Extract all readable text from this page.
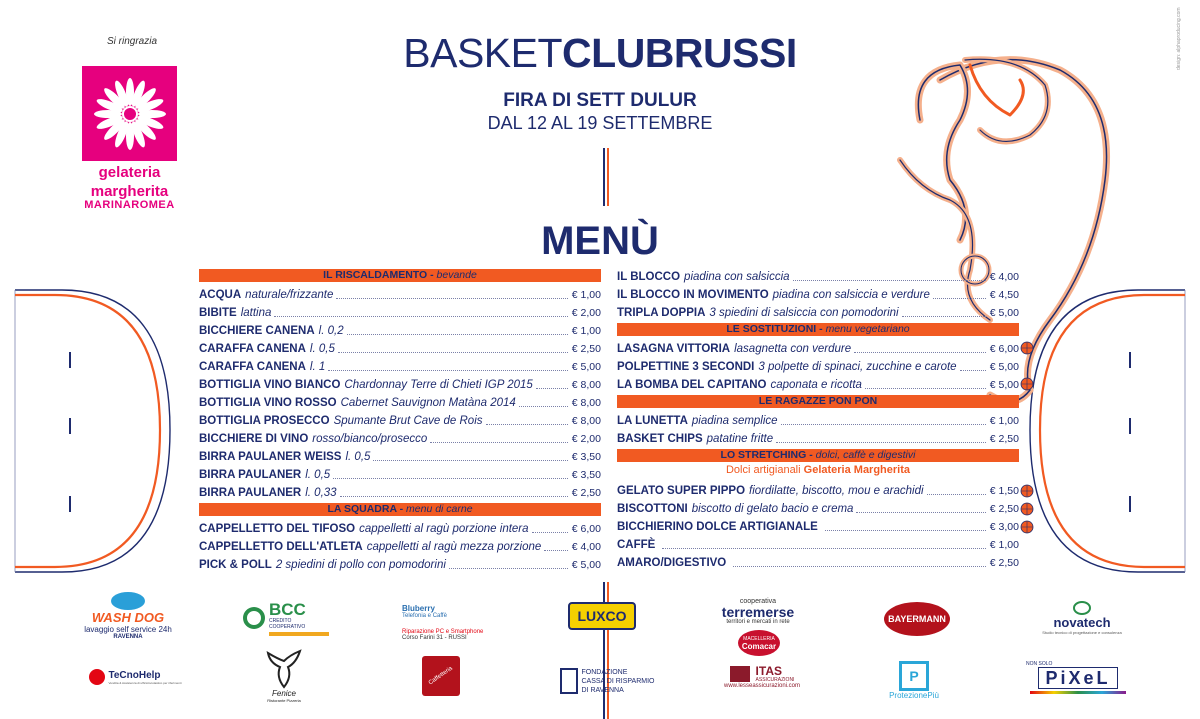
Si ringrazia
gelateria
margherita
MARINAROMEA
BASKETCLUBRUSSI
FIRA DI SETT DULUR
DAL 12 AL 19 SETTEMBRE
MENÙ
design: alphaproducing.com
IL RISCALDAMENTO - bevande
ACQUA naturale/frizzante	€ 1,00
BIBITE lattina	€ 2,00
BICCHIERE CANENA l. 0,2	€ 1,00
CARAFFA CANENA l. 0,5	€ 2,50
CARAFFA CANENA l. 1	€ 5,00
BOTTIGLIA VINO BIANCO Chardonnay Terre di Chieti IGP 2015	€ 8,00
BOTTIGLIA VINO ROSSO Cabernet Sauvignon Matàna 2014	€ 8,00
BOTTIGLIA PROSECCO Spumante Brut Cave de Rois	€ 8,00
BICCHIERE DI VINO rosso/bianco/prosecco	€ 2,00
BIRRA PAULANER WEISS l. 0,5	€ 3,50
BIRRA PAULANER l. 0,5	€ 3,50
BIRRA PAULANER l. 0,33	€ 2,50
LA SQUADRA - menu di carne
CAPPELLETTO DEL TIFOSO cappelletti al ragù porzione intera	€ 6,00
CAPPELLETTO DELL'ATLETA cappelletti al ragù mezza porzione	€ 4,00
PICK & POLL 2 spiedini di pollo con pomodorini	€ 5,00
IL BLOCCO piadina con salsiccia	€ 4,00
IL BLOCCO IN MOVIMENTO piadina con salsiccia e verdure	€ 4,50
TRIPLA DOPPIA 3 spiedini di salsiccia con pomodorini	€ 5,00
LE SOSTITUZIONI - menu vegetariano
LASAGNA VITTORIA lasagnetta con verdure	€ 6,00
POLPETTINE 3 SECONDI 3 polpette di spinaci, zucchine e carote	€ 5,00
LA BOMBA DEL CAPITANO caponata e ricotta	€ 5,00
LE RAGAZZE PON PON
LA LUNETTA piadina semplice	€ 1,00
BASKET CHIPS patatine fritte	€ 2,50
LO STRETCHING - dolci, caffè e digestivi
Dolci artigianali Gelateria Margherita
GELATO SUPER PIPPO fiordilatte, biscotto, mou e arachidi	€ 1,50
BISCOTTONI biscotto di gelato bacio e crema	€ 2,50
BICCHIERINO DOLCE ARTIGIANALE	€ 3,00
CAFFÈ	€ 1,00
AMARO/DIGESTIVO	€ 2,50
WASH DOG
lavaggio self service 24h
RAVENNA
BCC
CREDITO COOPERATIVO
Bluberry
Telefonia e Caffè
Riparazione PC e Smartphone
Corso Farini 31 - RUSSI
LUXCO
cooperativa
terremerse
territori e mercati in rete
MACELLERIA
Comacar
BAYERMANN	novatech
Studio tecnico di progettazione e consulenza
TeCnoHelp
Vendita & Assistenza di ufficio/scolastico per riferimenti
Fenice
Ristorante Pizzeria
Caffetteria	FONDAZIONE
CASSA DI RISPARMIO
DI RAVENNA
ITAS
ASSICURAZIONI
www.lesseassicurazioni.com
P
ProtezionePiù
NON SOLO
PiXeL
